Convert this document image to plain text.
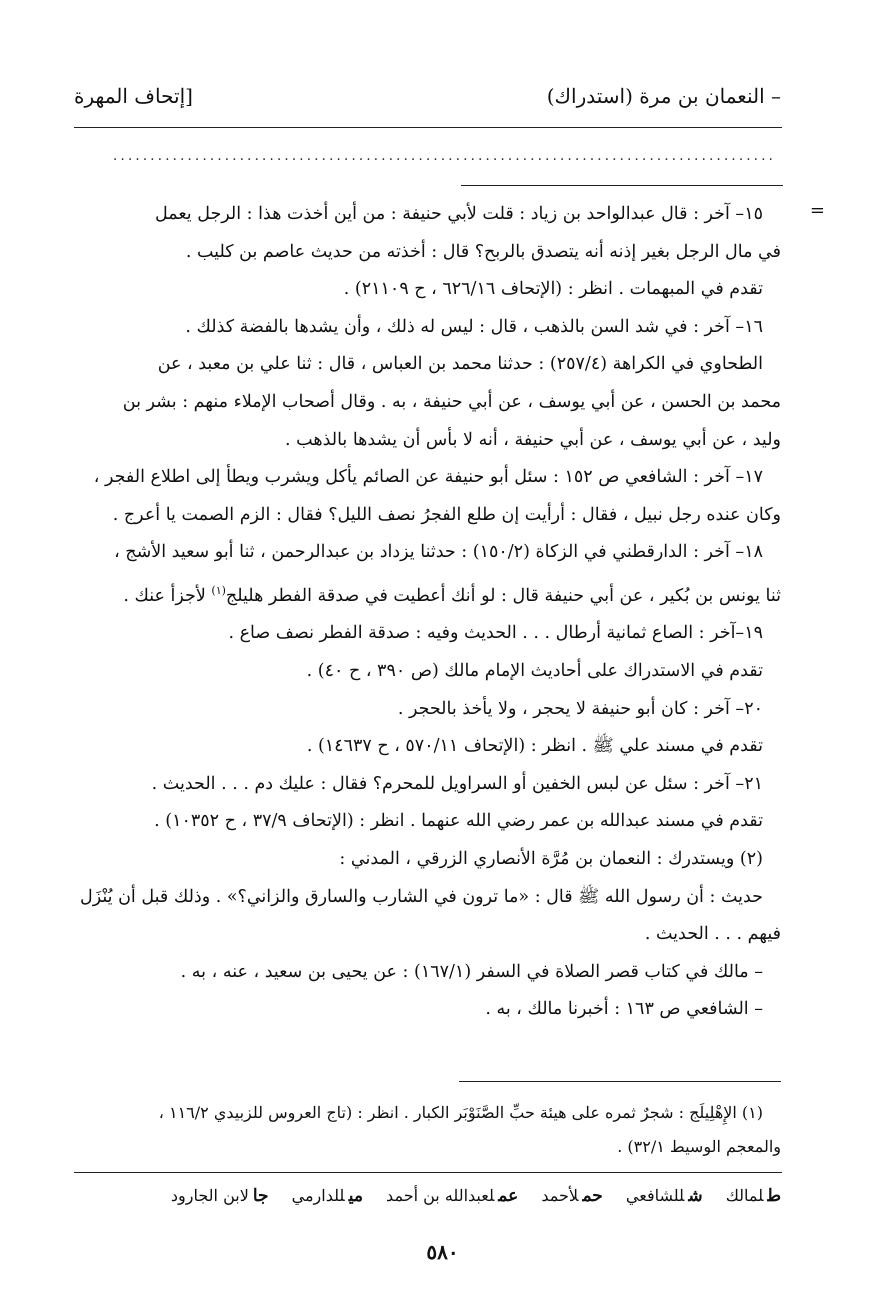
– النعمان بن مرة (استدراك)
[إتحاف المهرة
.........................................................................................
=
١٥– آخر : قال عبدالواحد بن زياد : قلت لأبي حنيفة : من أين أخذت هذا : الرجل يعمل
في مال الرجل بغير إذنه أنه يتصدق بالربح؟ قال : أخذته من حديث عاصم بن كليب .
تقدم في المبهمات . انظر : (الإتحاف ٦٢٦/١٦ ، ح ٢١١٠٩) .
١٦– آخر : في شد السن بالذهب ، قال : ليس له ذلك ، وأن يشدها بالفضة كذلك .
الطحاوي في الكراهة (٢٥٧/٤) : حدثنا محمد بن العباس ، قال : ثنا علي بن معبد ، عن
محمد بن الحسن ، عن أبي يوسف ، عن أبي حنيفة ، به . وقال أصحاب الإملاء منهم : بشر بن
وليد ، عن أبي يوسف ، عن أبي حنيفة ، أنه لا بأس أن يشدها بالذهب .
١٧– آخر : الشافعي ص ١٥٢ : سئل أبو حنيفة عن الصائم يأكل ويشرب ويطأ إلى اطلاع الفجر ،
وكان عنده رجل نبيل ، فقال : أرأيت إن طلع الفجرُ نصف الليل؟ فقال : الزم الصمت يا أعرج .
١٨– آخر : الدارقطني في الزكاة (١٥٠/٢) : حدثنا يزداد بن عبدالرحمن ، ثنا أبو سعيد الأشج ،
ثنا يونس بن بُكير ، عن أبي حنيفة قال : لو أنك أعطيت في صدقة الفطر هليلج$^{(١)}$ لأجزأ عنك .
١٩–آخر : الصاع ثمانية أرطال . . . الحديث وفيه : صدقة الفطر نصف صاع .
تقدم في الاستدراك على أحاديث الإمام مالك (ص ٣٩٠ ، ح ٤٠) .
٢٠– آخر : كان أبو حنيفة لا يحجر ، ولا يأخذ بالحجر .
تقدم في مسند علي ﷺ . انظر : (الإتحاف ٥٧٠/١١ ، ح ١٤٦٣٧) .
٢١– آخر : سئل عن لبس الخفين أو السراويل للمحرم؟ فقال : عليك دم . . . الحديث .
تقدم في مسند عبدالله بن عمر رضي الله عنهما . انظر : (الإتحاف ٣٧/٩ ، ح ١٠٣٥٢) .
(٢) ويستدرك : النعمان بن مُرَّة الأنصاري الزرقي ، المدني :
حديث : أن رسول الله ﷺ قال : «ما ترون في الشارب والسارق والزاني؟» . وذلك قبل أن يُنْزَل
فيهم . . . الحديث .
– مالك في كتاب قصر الصلاة في السفر (١٦٧/١) : عن يحيى بن سعيد ، عنه ، به .
– الشافعي ص ١٦٣ : أخبرنا مالك ، به .
(١) الإِهْلِيلَج : شجرٌ ثمره على هيئة حبِّ الصَّنَوْبَر الكبار . انظر : (تاج العروس للزبيدي ١١٦/٢ ،
والمعجم الوسيط ٣٢/١) .
طلمالك شللشافعي حملأحمد عملعبدالله بن أحمد ميللدارمي جالابن الجارود
٥٨٠
